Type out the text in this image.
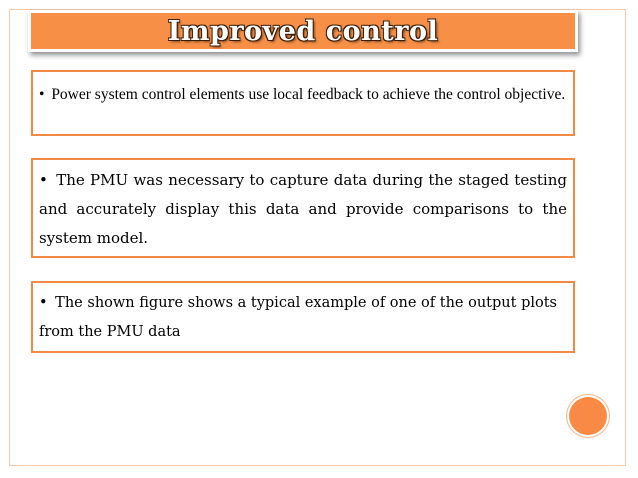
Improved control
• Power system control elements use local feedback to achieve the control objective.
• The PMU was necessary to capture data during the staged testing and accurately display this data and provide comparisons to the system model.
• The shown figure shows a typical example of one of the output plots from the PMU data
